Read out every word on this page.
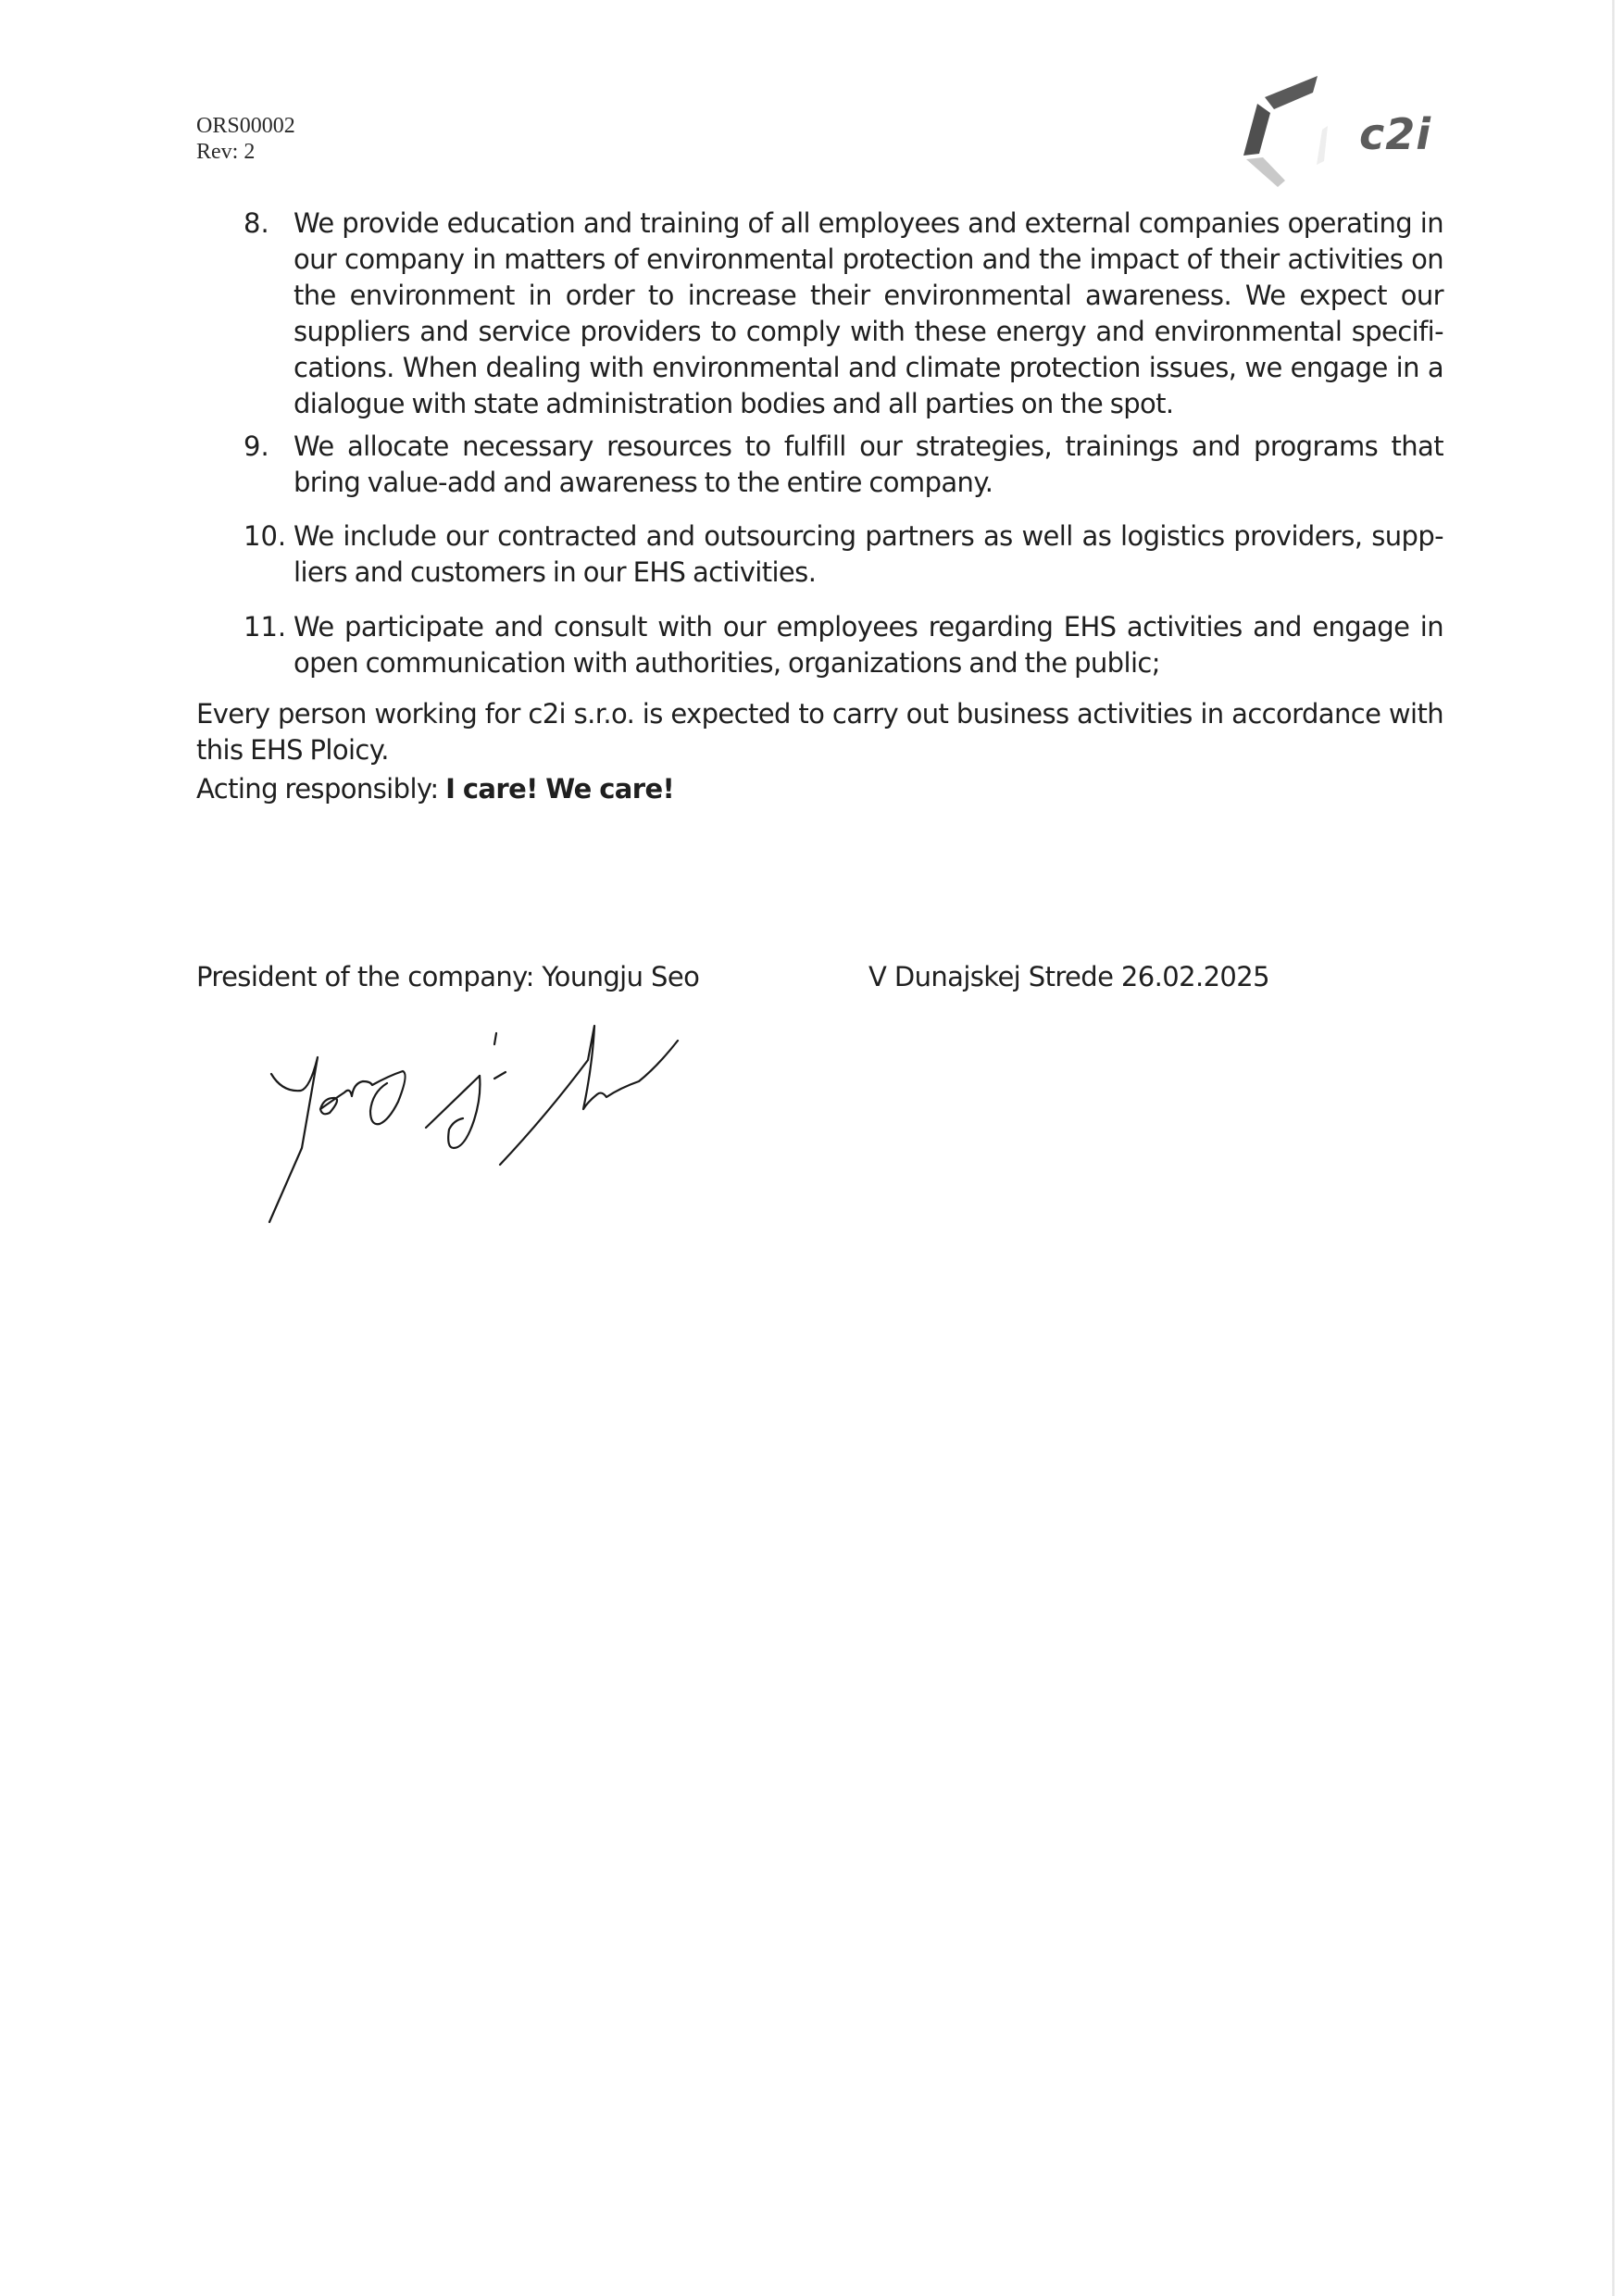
ORS00002
Rev: 2	c2i
8. We provide education and training of all employees and external companies operating in our company in matters of environmental protection and the impact of their activities on the environment in order to increase their environmental awareness. We expect our suppliers and service providers to comply with these energy and environmental specifi-cations. When dealing with environmental and climate protection issues, we engage in a dialogue with state administration bodies and all parties on the spot.
9. We allocate necessary resources to fulfill our strategies, trainings and programs that bring value-add and awareness to the entire company.
10. We include our contracted and outsourcing partners as well as logistics providers, supp-liers and customers in our EHS activities.
11. We participate and consult with our employees regarding EHS activities and engage in open communication with authorities, organizations and the public;
Every person working for c2i s.r.o. is expected to carry out business activities in accordance with this EHS Ploicy.
Acting responsibly: I care! We care!
President of the company: Youngju Seo	V Dunajskej Strede 26.02.2025
